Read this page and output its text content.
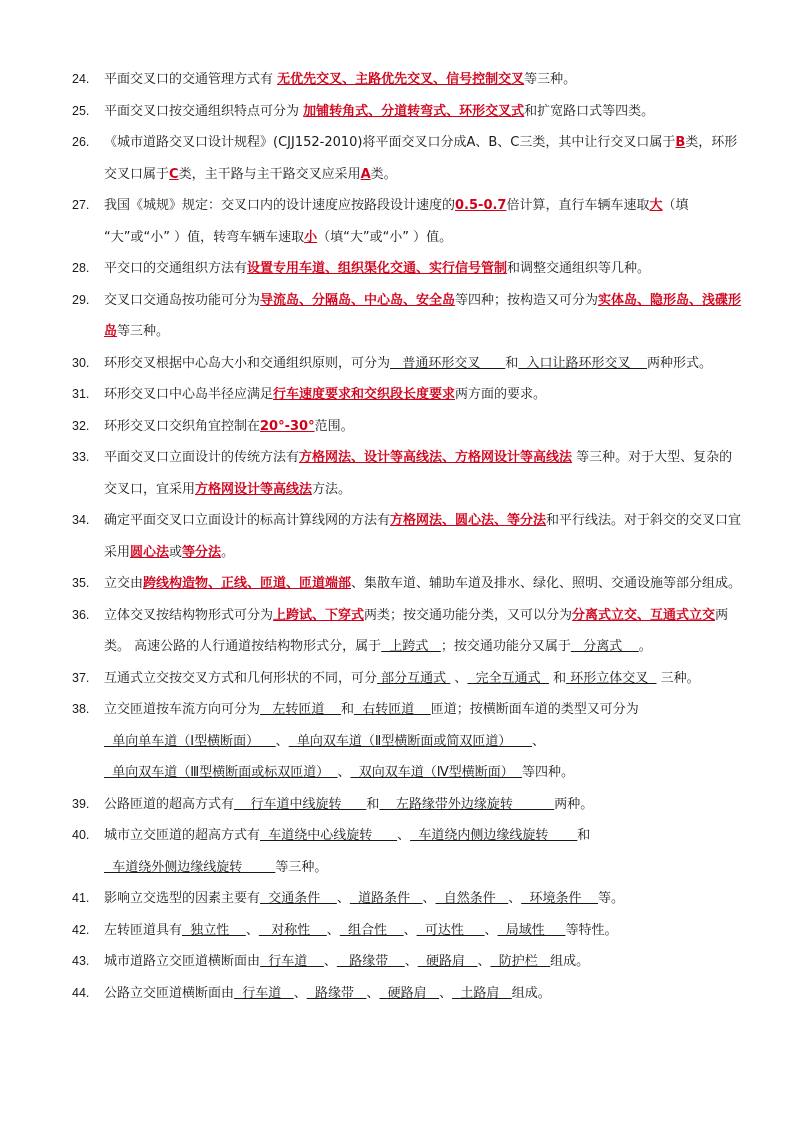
24.	平面交叉口的交通管理方式有 无优先交叉、主路优先交叉、信号控制交叉等三种。
25.	平面交叉口按交通组织特点可分为 加铺转角式、分道转弯式、环形交叉式和扩宽路口式等四类。
26.	《城市道路交叉口设计规程》(CJJ152-2010)将平面交叉口分成A、B、C三类，其中让行交叉口属于B类，环形交叉口属于C类，主干路与主干路交叉应采用A类。
27.	我国《城规》规定：交叉口内的设计速度应按路段设计速度的0.5-0.7倍计算，直行车辆车速取大（填 “大”或“小” ）值，转弯车辆车速取小（填“大”或“小” ）值。
28.	平交口的交通组织方法有设置专用车道、组织渠化交通、实行信号管制和调整交通组织等几种。
29.	交叉口交通岛按功能可分为导流岛、分隔岛、中心岛、安全岛等四种；按构造又可分为实体岛、隐形岛、浅碟形岛等三种。
30.	环形交叉根据中心岛大小和交通组织原则，可分为   普通环形交叉      和  入口让路环形交叉    两种形式。
31.	环形交叉口中心岛半径应满足行车速度要求和交织段长度要求两方面的要求。
32.	环形交叉口交织角宜控制在20°-30°范围。
33.	平面交叉口立面设计的传统方法有方格网法、设计等高线法、方格网设计等高线法 等三种。对于大型、复杂的交叉口，宜采用方格网设计等高线法方法。
34.	确定平面交叉口立面设计的标高计算线网的方法有方格网法、圆心法、等分法和平行线法。对于斜交的交叉口宜采用圆心法或等分法。
35.	立交由跨线构造物、正线、匝道、匝道端部、集散车道、辅助车道及排水、绿化、照明、交通设施等部分组成。
36.	立体交叉按结构物形式可分为上跨试、下穿式两类；按交通功能分类，又可以分为分离式立交、互通式立交两类。 高速公路的人行通道按结构物形式分，属于  上跨式   ；按交通功能分又属于   分离式    。
37.	互通式立交按交叉方式和几何形状的不同，可分 部分互通式  、  完全互通式   和 环形立体交叉   三种。
38.	立交匝道按车流方向可分为   左转匝道    和  右转匝道    匝道；按横断面车道的类型又可分为  单向单车道（Ⅰ型横断面）    、  单向双车道（Ⅱ型横断面或简双匝道）     、  单向双车道（Ⅲ型横断面或标双匝道）  、  双向双车道（Ⅳ型横断面）  等四种。
39.	公路匝道的超高方式有    行车道中线旋转      和    左路缘带外边缘旋转          两种。
40.	城市立交匝道的超高方式有  车道绕中心线旋转      、  车道绕内侧边缘线旋转       和  车道绕外侧边缘线旋转        等三种。
41.	影响立交选型的因素主要有  交通条件    、  道路条件   、  自然条件   、  环境条件    等。
42.	左转匝道具有  独立性    、   对称性    、  组合性    、  可达性     、  局域性     等特性。
43.	城市道路立交匝道横断面由  行车道    、   路缘带    、  硬路肩   、  防护栏   组成。
44.	公路立交匝道横断面由  行车道   、  路缘带   、  硬路肩   、  土路肩   组成。
